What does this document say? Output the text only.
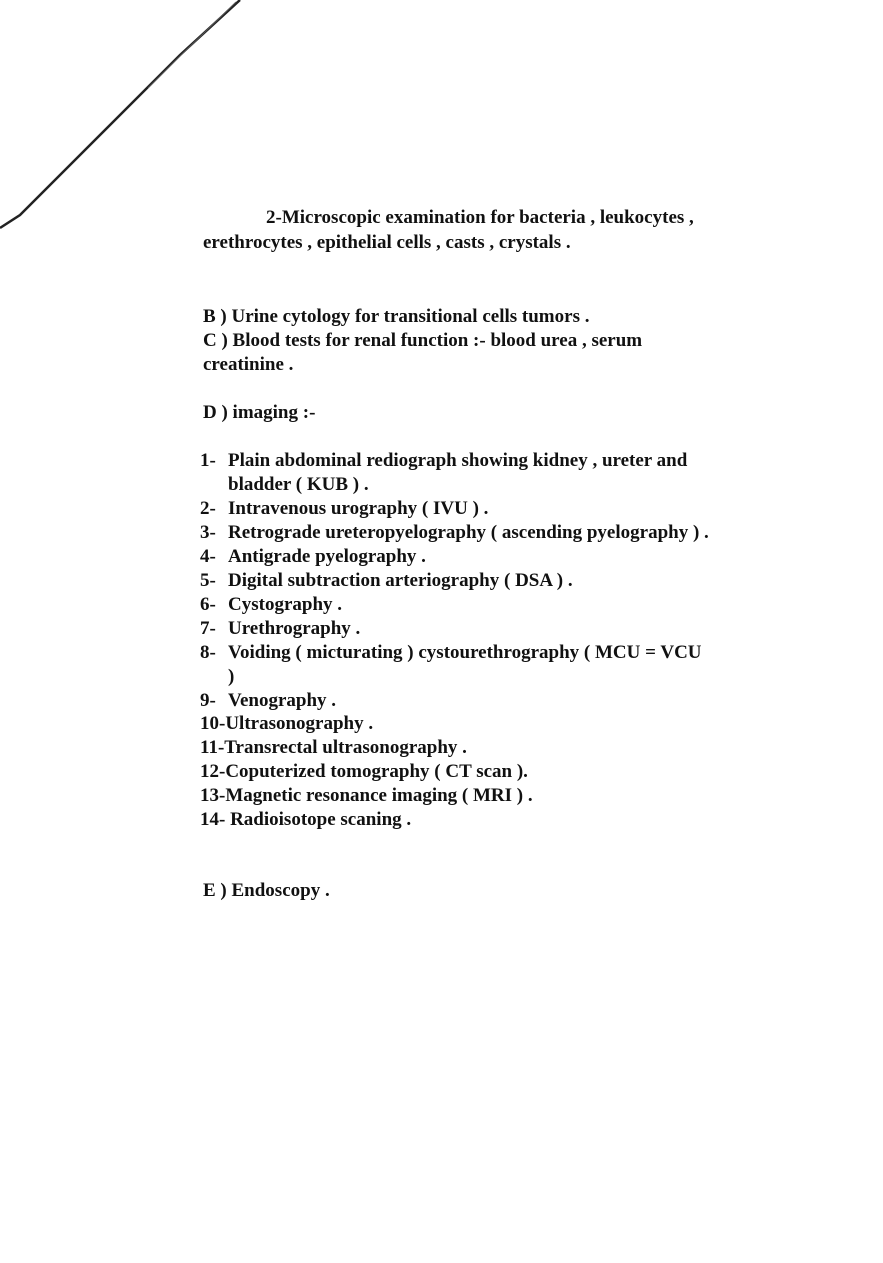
2-Microscopic examination for bacteria , leukocytes ,
erethrocytes , epithelial cells , casts , crystals .
B ) Urine cytology for transitional cells tumors .
C ) Blood tests for renal function :- blood urea , serum
creatinine .
D ) imaging :-
1- Plain abdominal rediograph showing kidney , ureter and
bladder ( KUB ) .
2- Intravenous urography ( IVU ) .
3- Retrograde ureteropyelography ( ascending pyelography ) .
4- Antigrade pyelography .
5- Digital subtraction arteriography ( DSA ) .
6- Cystography .
7- Urethrography .
8- Voiding ( micturating ) cystourethrography ( MCU = VCU
)
9- Venography .
10-Ultrasonography .
11-Transrectal ultrasonography .
12-Coputerized tomography ( CT scan ).
13-Magnetic resonance imaging ( MRI ) .
14- Radioisotope scaning .
E ) Endoscopy .
